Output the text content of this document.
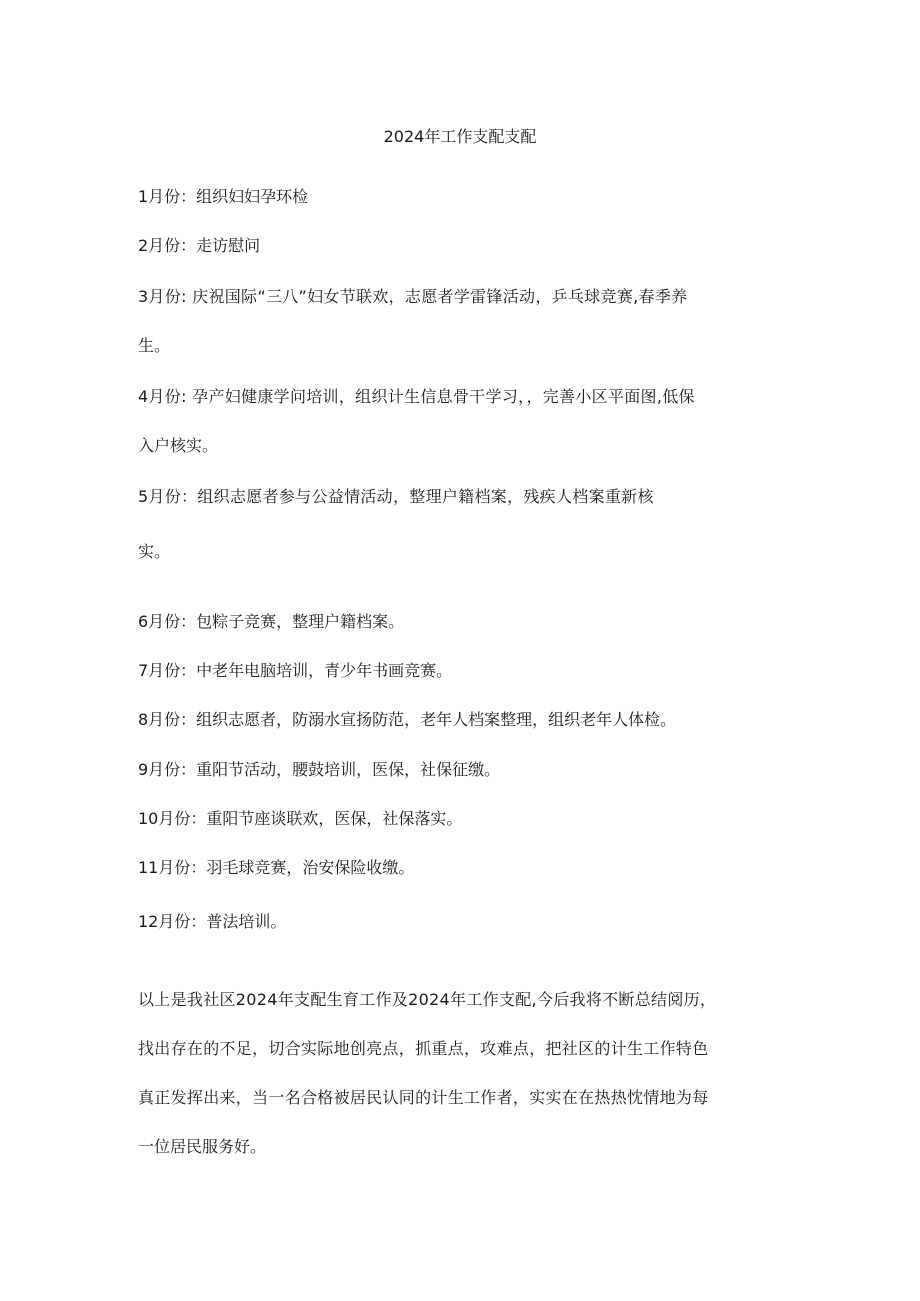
2024年工作支配支配

1月份：组织妇妇孕环检

2月份：走访慰问

3月份: 庆祝国际“三八”妇女节联欢，志愿者学雷锋活动，乒乓球竞赛,春季养

生。

4月份: 孕产妇健康学问培训，组织计生信息骨干学习，，完善小区平面图,低保

入户核实。

5月份：组织志愿者参与公益情活动，整理户籍档案，残疾人档案重新核

实。

6月份：包粽子竞赛，整理户籍档案。

7月份：中老年电脑培训，青少年书画竞赛。

8月份：组织志愿者，防溺水宣扬防范，老年人档案整理，组织老年人体检。

9月份：重阳节活动，腰鼓培训，医保，社保征缴。

10月份：重阳节座谈联欢，医保，社保落实。

11月份：羽毛球竞赛，治安保险收缴。

12月份：普法培训。

以上是我社区2024年支配生育工作及2024年工作支配,今后我将不断总结阅历，

找出存在的不足，切合实际地创亮点，抓重点，攻难点，把社区的计生工作特色

真正发挥出来，当一名合格被居民认同的计生工作者，实实在在热热忱情地为每

一位居民服务好。
